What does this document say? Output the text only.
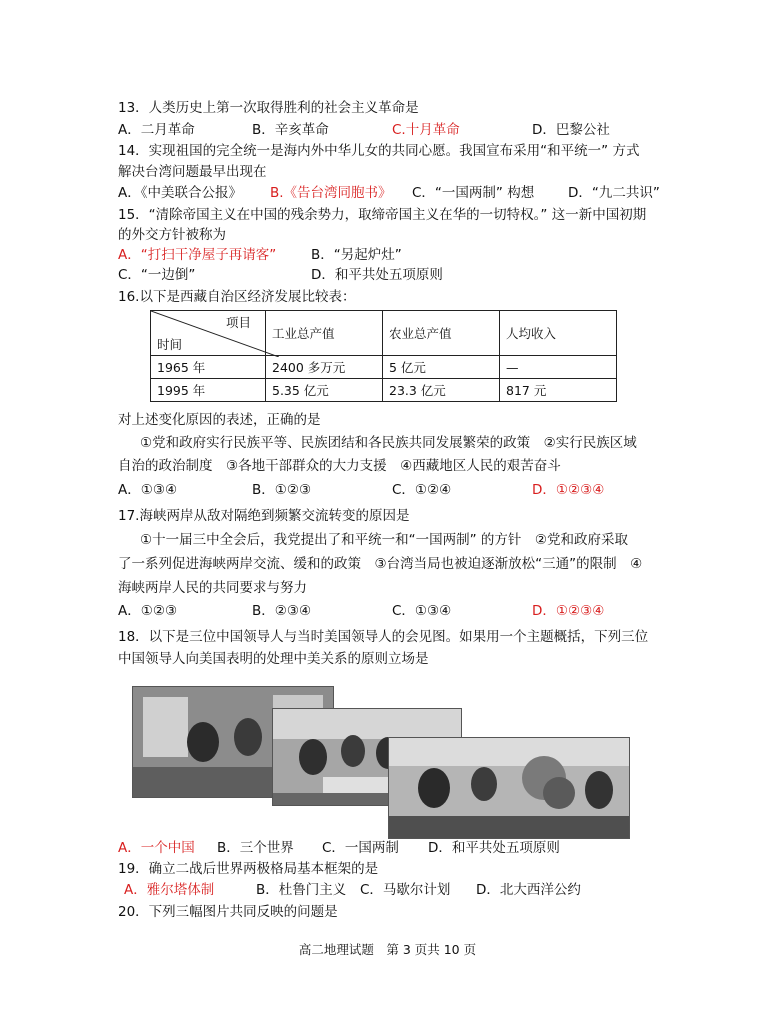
13．人类历史上第一次取得胜利的社会主义革命是
A．二月革命	B．辛亥革命	C.十月革命	D．巴黎公社
14．实现祖国的完全统一是海内外中华儿女的共同心愿。我国宣布采用“和平统一” 方式
解决台湾问题最早出现在
A．《中美联合公报》 B.《告台湾同胞书》 C．“一国两制” 构想	D．“九二共识”
15．“清除帝国主义在中国的残余势力，取缔帝国主义在华的一切特权。” 这一新中国初期
的外交方针被称为
A．“打扫干净屋子再请客”	B．“另起炉灶”
C．“一边倒”	D．和平共处五项原则
16.以下是西藏自治区经济发展比较表：
项目
时间	工业总产值	农业总产值	人均收入
1965 年	2400 多万元	5 亿元	—
1995 年	5.35 亿元	23.3 亿元	817 元
对上述变化原因的表述，正确的是
①党和政府实行民族平等、民族团结和各民族共同发展繁荣的政策　②实行民族区域
自治的政治制度　③各地干部群众的大力支援　④西藏地区人民的艰苦奋斗
A．①③④	B．①②③	C．①②④	D．①②③④
17.海峡两岸从敌对隔绝到频繁交流转变的原因是
①十一届三中全会后，我党提出了和平统一和“一国两制” 的方针　②党和政府采取
了一系列促进海峡两岸交流、缓和的政策　③台湾当局也被迫逐渐放松“三通”的限制　④
海峡两岸人民的共同要求与努力
A．①②③	B．②③④	C．①③④	D．①②③④
18．以下是三位中国领导人与当时美国领导人的会见图。如果用一个主题概括，下列三位
中国领导人向美国表明的处理中美关系的原则立场是
A．一个中国 B．三个世界 C．一国两制 D．和平共处五项原则
19．确立二战后世界两极格局基本框架的是
A．雅尔塔体制	B．杜鲁门主义 C．马歇尔计划 D．北大西洋公约
20．下列三幅图片共同反映的问题是
高二地理试题　第 3 页共 10 页
